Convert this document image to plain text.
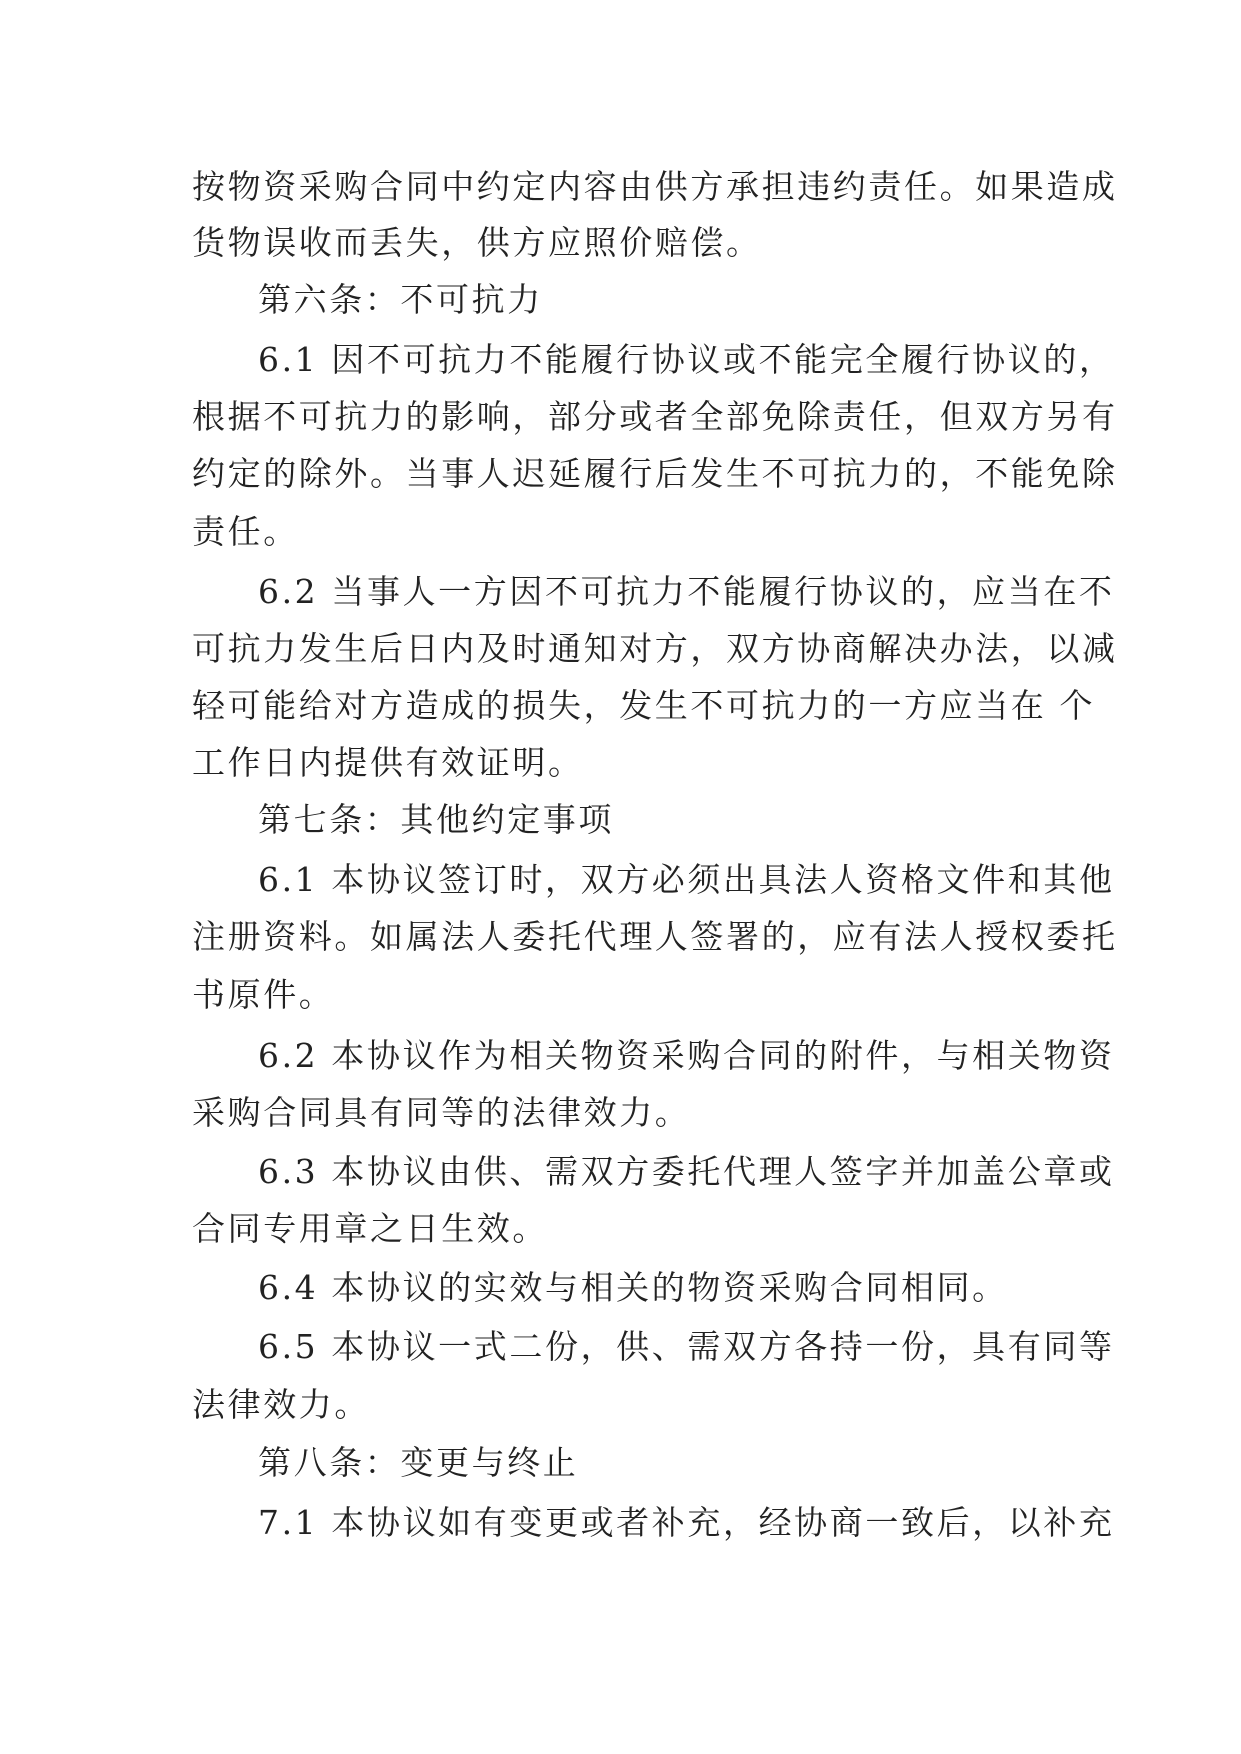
按物资采购合同中约定内容由供方承担违约责任。如果造成
货物误收而丢失，供方应照价赔偿。
第六条：不可抗力
6.1 因不可抗力不能履行协议或不能完全履行协议的，
根据不可抗力的影响，部分或者全部免除责任，但双方另有
约定的除外。当事人迟延履行后发生不可抗力的，不能免除
责任。
6.2 当事人一方因不可抗力不能履行协议的，应当在不
可抗力发生后日内及时通知对方，双方协商解决办法，以减
轻可能给对方造成的损失，发生不可抗力的一方应当在 个
工作日内提供有效证明。
第七条：其他约定事项
6.1 本协议签订时，双方必须出具法人资格文件和其他
注册资料。如属法人委托代理人签署的，应有法人授权委托
书原件。
6.2 本协议作为相关物资采购合同的附件，与相关物资
采购合同具有同等的法律效力。
6.3 本协议由供、需双方委托代理人签字并加盖公章或
合同专用章之日生效。
6.4 本协议的实效与相关的物资采购合同相同。
6.5 本协议一式二份，供、需双方各持一份，具有同等
法律效力。
第八条：变更与终止
7.1 本协议如有变更或者补充，经协商一致后，以补充
